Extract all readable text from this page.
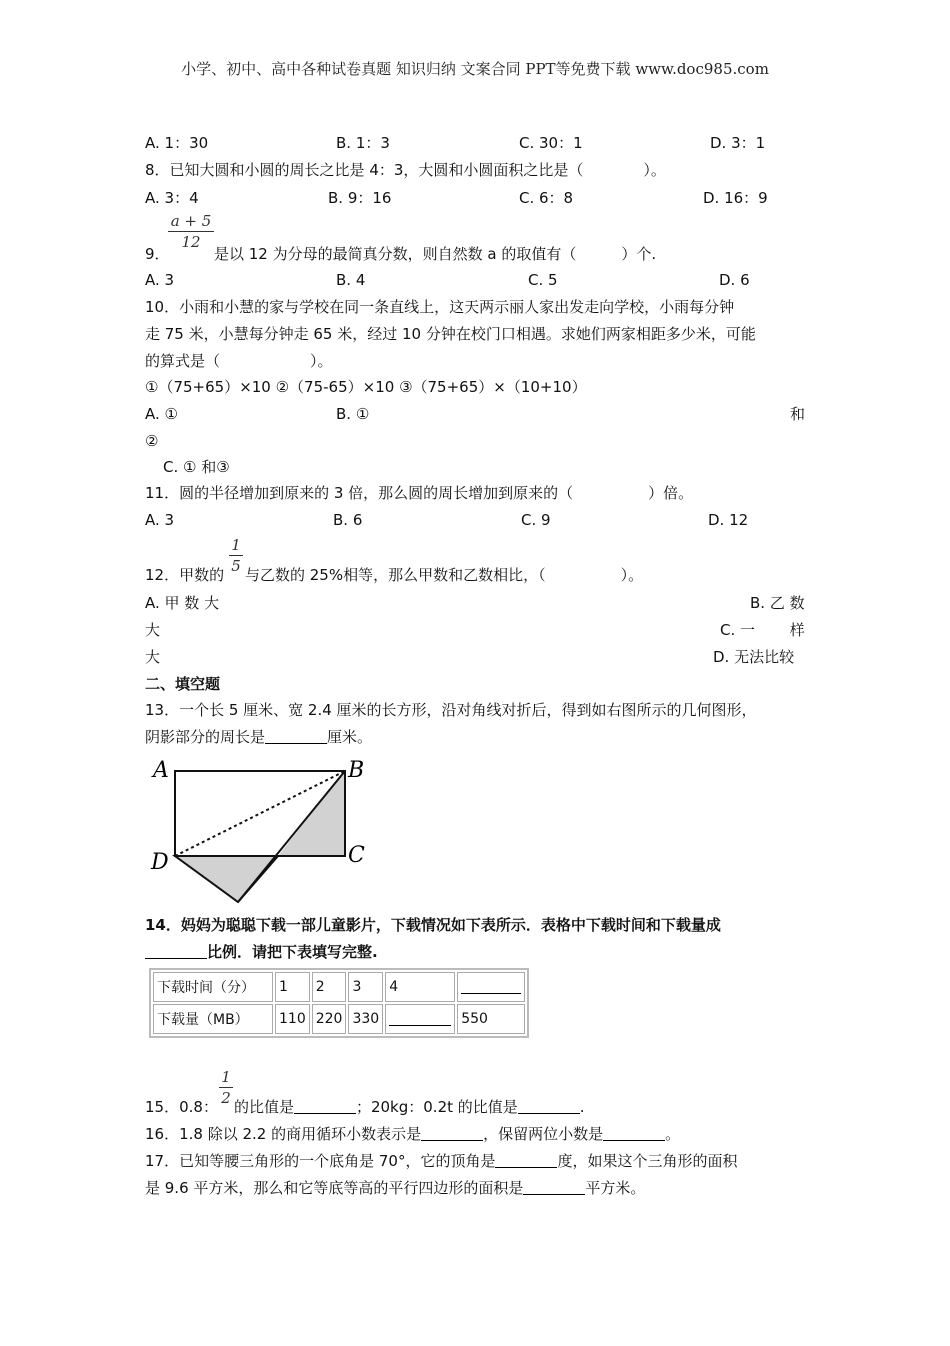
小学、初中、高中各种试卷真题 知识归纳 文案合同 PPT等免费下载 www.doc985.com
A. 1：30	B. 1：3	C. 30：1	D. 3：1
8．已知大圆和小圆的周长之比是 4：3，大圆和小圆面积之比是（　　　　）。
A. 3：4	B. 9：16	C. 6：8	D. 16：9
a + 5
12
9．	是以 12 为分母的最简真分数，则自然数 a 的取值有（　　　）个.
A. 3	B. 4	C. 5	D. 6
10．小雨和小慧的家与学校在同一条直线上，这天两示丽人家出发走向学校，小雨每分钟
走 75 米，小慧每分钟走 65 米，经过 10 分钟在校门口相遇。求她们两家相距多少米，可能
的算式是（　　　　　　）。
①（75+65）×10 ②（75-65）×10 ③（75+65）×（10+10）
A. ①	B. ①	和
②
C. ① 和③
11．圆的半径增加到原来的 3 倍，那么圆的周长增加到原来的（　　　　　）倍。
A. 3	B. 6	C. 9	D. 12
1
5
12．甲数的 与乙数的 25%相等，那么甲数和乙数相比，（　　　　　）。
A. 甲 数 大	B. 乙 数
大	C. 一　　 样
大	D. 无法比较
二、填空题
13．一个长 5 厘米、宽 2.4 厘米的长方形，沿对角线对折后，得到如右图所示的几何图形，
阴影部分的周长是	厘米。
A	B
C
D
14．妈妈为聪聪下载一部儿童影片，下载情况如下表所示．表格中下载时间和下载量成
比例．请把下表填写完整.
下载时间（分）	1	2	3	4	
下载量（MB）	110	220	330		550
1
2
15．0.8： 的比值是	；20kg：0.2t 的比值是	.
16．1.8 除以 2.2 的商用循环小数表示是	，保留两位小数是	。
17．已知等腰三角形的一个底角是 70°，它的顶角是	度，如果这个三角形的面积
是 9.6 平方米，那么和它等底等高的平行四边形的面积是	平方米。
